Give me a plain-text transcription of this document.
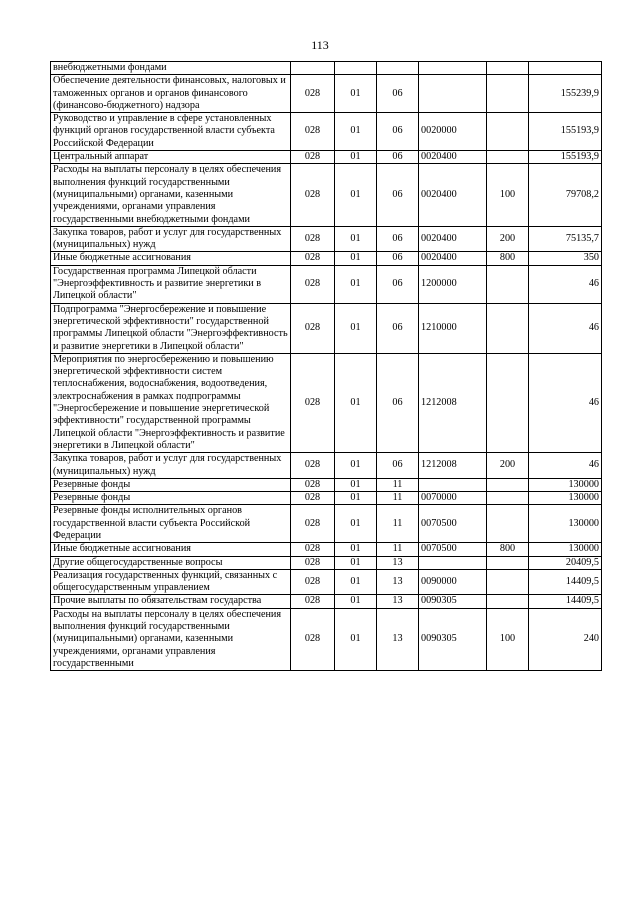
113
внебюджетными фондами						
Обеспечение деятельности финансовых, налоговых и таможенных органов и органов финансового (финансово-бюджетного) надзора	028	01	06			155239,9
Руководство и управление в сфере установленных функций органов государственной власти субъекта Российской Федерации	028	01	06	0020000		155193,9
Центральный аппарат	028	01	06	0020400		155193,9
Расходы на выплаты персоналу в целях обеспечения выполнения функций государственными (муниципальными) органами, казенными учреждениями, органами управления государственными внебюджетными фондами	028	01	06	0020400	100	79708,2
Закупка товаров, работ и услуг для государственных (муниципальных) нужд	028	01	06	0020400	200	75135,7
Иные бюджетные ассигнования	028	01	06	0020400	800	350
Государственная программа Липецкой области "Энергоэффективность и развитие энергетики в Липецкой области"	028	01	06	1200000		46
Подпрограмма "Энергосбережение и повышение энергетической эффективности" государственной программы Липецкой области "Энергоэффективность и развитие энергетики в Липецкой области"	028	01	06	1210000		46
Мероприятия по энергосбережению и повышению энергетической эффективности систем теплоснабжения, водоснабжения, водоотведения, электроснабжения в рамках подпрограммы "Энергосбережение и повышение энергетической эффективности" государственной программы Липецкой области "Энергоэффективность и развитие энергетики в Липецкой области"	028	01	06	1212008		46
Закупка товаров, работ и услуг для государственных (муниципальных) нужд	028	01	06	1212008	200	46
Резервные фонды	028	01	11			130000
Резервные фонды	028	01	11	0070000		130000
Резервные фонды исполнительных органов государственной власти субъекта Российской Федерации	028	01	11	0070500		130000
Иные бюджетные ассигнования	028	01	11	0070500	800	130000
Другие общегосударственные вопросы	028	01	13			20409,5
Реализация государственных функций, связанных с общегосударственным управлением	028	01	13	0090000		14409,5
Прочие выплаты по обязательствам государства	028	01	13	0090305		14409,5
Расходы на выплаты персоналу в целях обеспечения выполнения функций государственными (муниципальными) органами, казенными учреждениями, органами управления государственными	028	01	13	0090305	100	240
